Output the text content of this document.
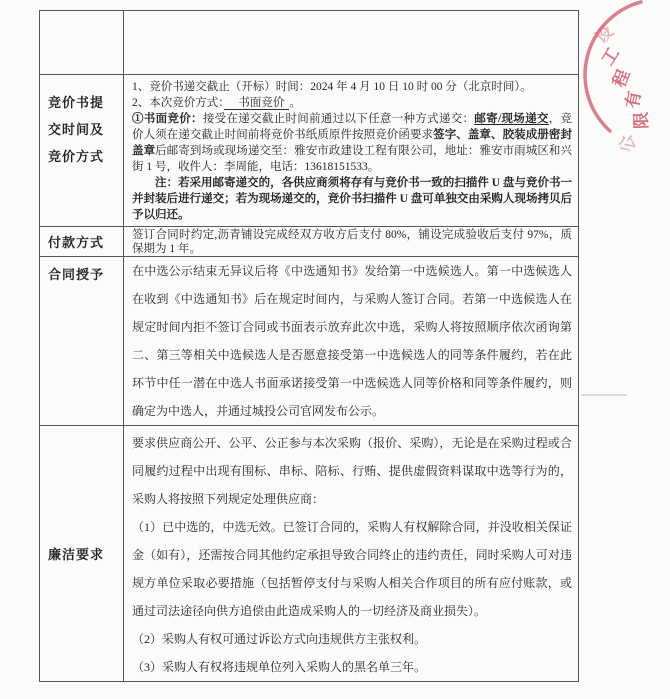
竞价书提交时间及竞价方式
1、竞价书递交截止（开标）时间：2024 年 4 月 10 日 10 时 00 分（北京时间）。
2、本次竞价方式：　 书面竞价 。

①书面竞价：接受在递交截止时间前通过以下任意一种方式递交：邮寄/现场递交，竞价人须在递交截止时间前将竞价书纸质原件按照竞价函要求签字、盖章、胶装成册密封盖章后邮寄到场或现场递交至：雅安市政建设工程有限公司，地址：雅安市雨城区和兴街 1 号，收件人：李周能，电话：13618151533。

注：若采用邮寄递交的，各供应商须将存有与竞价书一致的扫描件 U 盘与竞价书一并封装后进行递交；若为现场递交的，竞价书扫描件 U 盘可单独交由采购人现场拷贝后予以归还。

付款方式	签订合同时约定,沥青铺设完成经双方收方后支付 80%，铺设完成验收后支付 97%，质保期为 1 年。
合同授予	在中选公示结束无异议后将《中选通知书》发给第一中选候选人。第一中选候选人在收到《中选通知书》后在规定时间内，与采购人签订合同。若第一中选候选人在规定时间内拒不签订合同或书面表示放弃此次中选，采购人将按照顺序依次函询第二、第三等相关中选候选人是否愿意接受第一中选候选人的同等条件履约，若在此环节中任一潜在中选人书面承诺接受第一中选候选人同等价格和同等条件履约，则确定为中选人，并通过城投公司官网发布公示。
廉洁要求

要求供应商公开、公平、公正参与本次采购（报价、采购），无论是在采购过程或合同履约过程中出现有围标、串标、陪标、行贿、提供虚假资料谋取中选等行为的，采购人将按照下列规定处理供应商：

（1）已中选的，中选无效。已签订合同的，采购人有权解除合同，并没收相关保证金（如有），还需按合同其他约定承担导致合同终止的违约责任，同时采购人可对违规方单位采取必要措施（包括暂停支付与采购人相关合作项目的所有应付账款，或通过司法途径向供方追偿由此造成采购人的一切经济及商业损失）。

（2）采购人有权可通过诉讼方式向违规供方主张权利。

（3）采购人有权将违规单位列入采购人的黑名单三年。

设
工
程
有
限
公
